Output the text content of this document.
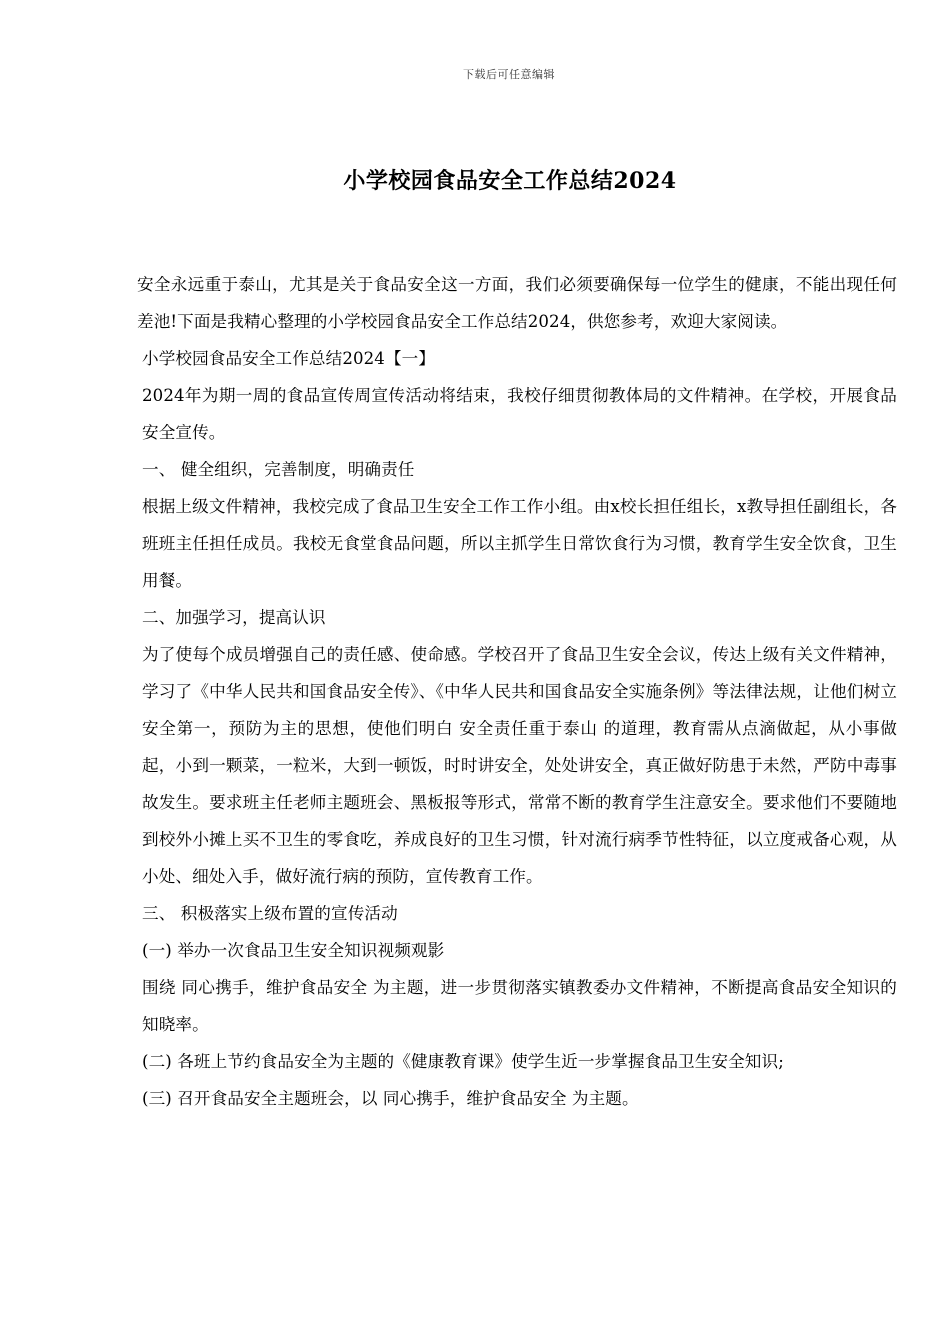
下载后可任意编辑
小学校园食品安全工作总结2024

安全永远重于泰山，尤其是关于食品安全这一方面，我们必须要确保每一位学生的健康，不能出现任何差池!下面是我精心整理的小学校园食品安全工作总结2024，供您参考，欢迎大家阅读。

小学校园食品安全工作总结2024【一】

2024年为期一周的食品宣传周宣传活动将结束，我校仔细贯彻教体局的文件精神。在学校，开展食品安全宣传。

一、 健全组织，完善制度，明确责任

根据上级文件精神，我校完成了食品卫生安全工作工作小组。由x校长担任组长，x教导担任副组长，各班班主任担任成员。我校无食堂食品问题，所以主抓学生日常饮食行为习惯，教育学生安全饮食，卫生用餐。

二、加强学习，提高认识

为了使每个成员增强自己的责任感、使命感。学校召开了食品卫生安全会议，传达上级有关文件精神，学习了《中华人民共和国食品安全传》、《中华人民共和国食品安全实施条例》等法律法规，让他们树立安全第一，预防为主的思想，使他们明白 安全责任重于泰山 的道理，教育需从点滴做起，从小事做起，小到一颗菜，一粒米，大到一顿饭，时时讲安全，处处讲安全，真正做好防患于未然，严防中毒事故发生。要求班主任老师主题班会、黑板报等形式，常常不断的教育学生注意安全。要求他们不要随地到校外小摊上买不卫生的零食吃，养成良好的卫生习惯，针对流行病季节性特征，以立度戒备心观，从小处、细处入手，做好流行病的预防，宣传教育工作。

三、 积极落实上级布置的宣传活动

(一) 举办一次食品卫生安全知识视频观影

围绕 同心携手，维护食品安全 为主题，进一步贯彻落实镇教委办文件精神，不断提高食品安全知识的知晓率。

(二) 各班上节约食品安全为主题的《健康教育课》使学生近一步掌握食品卫生安全知识;

(三) 召开食品安全主题班会，以 同心携手，维护食品安全 为主题。
